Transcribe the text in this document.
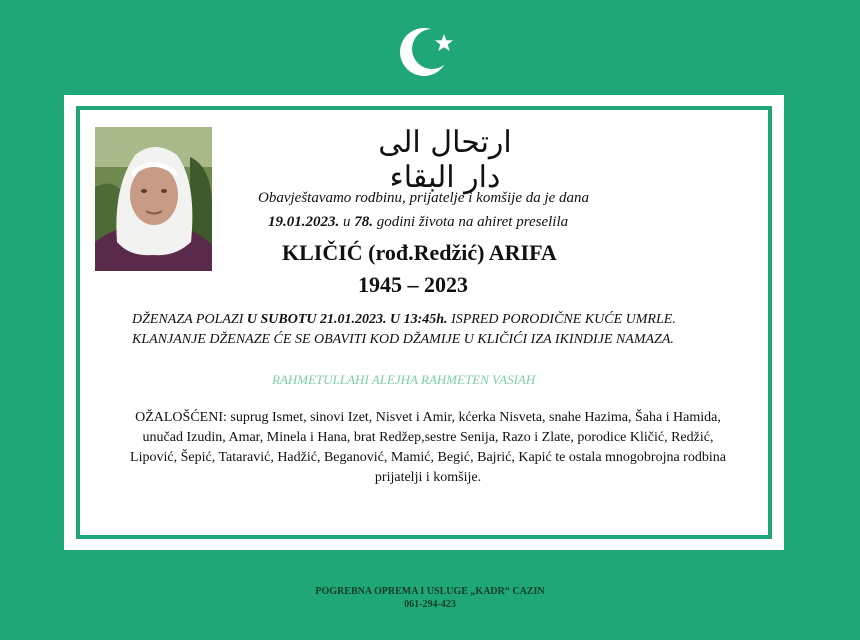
ارتحال الی دار البقاء
Obavještavamo rodbinu, prijatelje i komšije da je dana
19.01.2023. u 78. godini života na ahiret preselila
KLIČIĆ (rođ.Redžić) ARIFA
1945 – 2023
DŽENAZA POLAZI U SUBOTU 21.01.2023. U 13:45h. ISPRED PORODIČNE KUĆE UMRLE.
KLANJANJE DŽENAZE ĆE SE OBAVITI KOD DŽAMIJE U KLIČIĆI IZA IKINDIJE NAMAZA.
RAHMETULLAHI ALEJHA RAHMETEN VASIAH
OŽALOŠĆENI: suprug Ismet, sinovi Izet, Nisvet i Amir, kćerka Nisveta, snahe Hazima, Šaha i Hamida,
unučad Izudin, Amar, Minela i Hana, brat Redžep,sestre Senija, Razo i Zlate, porodice Kličić, Redžić,
Lipović, Šepić, Tataravić, Hadžić, Beganović, Mamić, Begić, Bajrić, Kapić te ostala mnogobrojna rodbina
prijatelji i komšije.
POGREBNA OPREMA I USLUGE „KADR“ CAZIN
061-294-423
